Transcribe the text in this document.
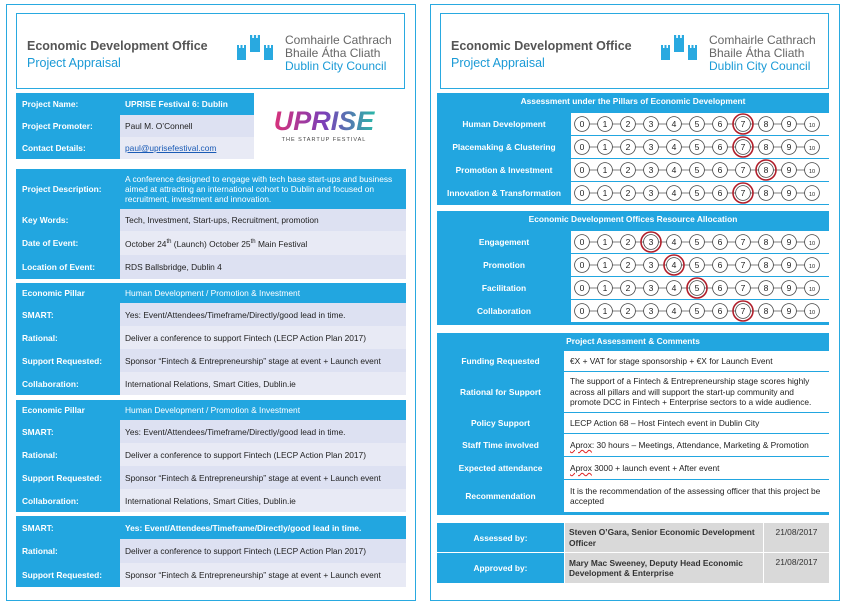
Economic Development Office
Project Appraisal
Comhairle Cathrach
Bhaile Átha Cliath
Dublin City Council
Project Name:	UPRISE Festival 6: Dublin
Project Promoter:	Paul M. O’Connell
Contact Details:	paul@uprisefestival.com
UPRISE
THE STARTUP FESTIVAL
Project Description:
A conference designed to engage with tech base start-ups and business aimed at attracting an international cohort to Dublin and focused on recruitment, investment and innovation.
Key Words:	Tech, Investment, Start-ups, Recruitment, promotion
Date of Event:	October 24th (Launch) October 25th Main Festival
Location of Event:	RDS Ballsbridge, Dublin 4
Economic Pillar	Human Development / Promotion & Investment
SMART:	Yes: Event/Attendees/Timeframe/Directly/good lead in time.
Rational:	Deliver a conference to support Fintech (LECP Action Plan 2017)
Support Requested:	Sponsor “Fintech & Entrepreneurship” stage at event + Launch event
Collaboration:	International Relations, Smart Cities, Dublin.ie
Economic Pillar	Human Development / Promotion & Investment
SMART:	Yes: Event/Attendees/Timeframe/Directly/good lead in time.
Rational:	Deliver a conference to support Fintech (LECP Action Plan 2017)
Support Requested:	Sponsor “Fintech & Entrepreneurship” stage at event + Launch event
Collaboration:	International Relations, Smart Cities, Dublin.ie
SMART:	Yes: Event/Attendees/Timeframe/Directly/good lead in time.
Rational:	Deliver a conference to support Fintech (LECP Action Plan 2017)
Support Requested:	Sponsor “Fintech & Entrepreneurship” stage at event + Launch event
Economic Development Office
Project Appraisal
Comhairle Cathrach
Bhaile Átha Cliath
Dublin City Council
Assessment under the Pillars of Economic Development
Human Development	0 1 2 3 4 5 6 7 8 9	10
Placemaking & Clustering	0 1 2 3 4 5 6 7 8 9	10
Promotion & Investment	0 1 2 3 4 5 6 7 8 9	10
Innovation & Transformation	0 1 2 3 4 5 6 7 8 9	10
Economic Development Offices Resource Allocation
Engagement	0 1 2 3 4 5 6 7 8 9	10
Promotion	0 1 2 3 4 5 6 7 8 9	10
Facilitation	0 1 2 3 4 5 6 7 8 9	10
Collaboration	0 1 2 3 4 5 6 7 8 9	10
Project Assessment & Comments
Funding Requested	€X + VAT for stage sponsorship + €X for Launch Event
Rational for Support
The support of a Fintech & Entrepreneurship stage scores highly across all pillars and will support the start-up community and promote DCC in Fintech + Enterprise sectors to a wide audience.
Policy Support	LECP Action 68 – Host Fintech event in Dublin City
Staff Time involved	Aprox: 30 hours – Meetings, Attendance, Marketing & Promotion
Expected attendance	Aprox 3000 + launch event + After event
Recommendation
It is the recommendation of the assessing officer that this project be accepted
Assessed by:
Steven O’Gara, Senior Economic Development Officer
21/08/2017
Approved by:
Mary Mac Sweeney, Deputy Head Economic Development & Enterprise
21/08/2017
